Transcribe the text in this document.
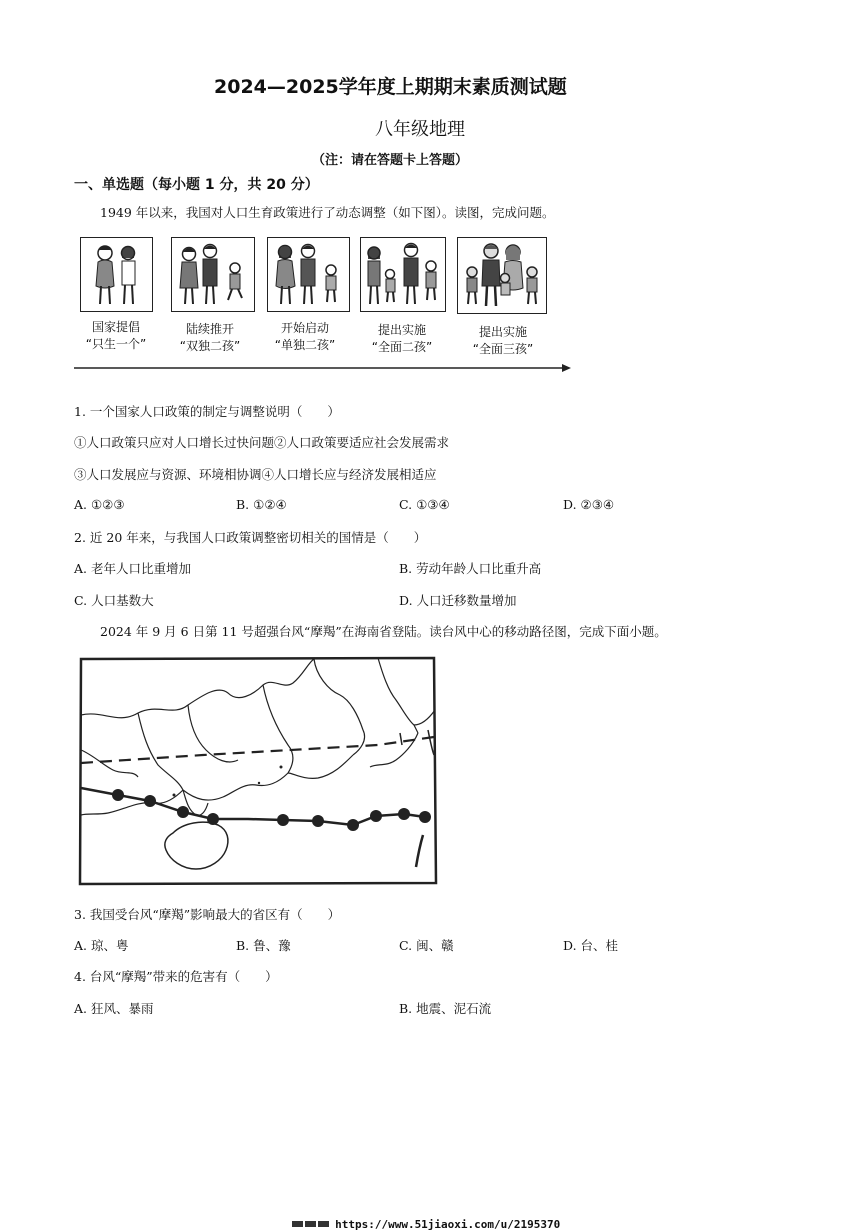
2024—2025学年度上期期末素质测试题
八年级地理
（注：请在答题卡上答题）
一、单选题（每小题 1 分，共 20 分）
1949 年以来，我国对人口生育政策进行了动态调整（如下图）。读图，完成问题。
国家提倡
“只生一个”
陆续推开
“双独二孩”
开始启动
“单独二孩”
提出实施
“全面二孩”
提出实施
“全面三孩”
1. 一个国家人口政策的制定与调整说明（　　）
①人口政策只应对人口增长过快问题②人口政策要适应社会发展需求
③人口发展应与资源、环境相协调④人口增长应与经济发展相适应
A. ①②③	B. ①②④	C. ①③④	D. ②③④
2. 近 20 年来，与我国人口政策调整密切相关的国情是（　　）
A. 老年人口比重增加	B. 劳动年龄人口比重升高
C. 人口基数大	D. 人口迁移数量增加
2024 年 9 月 6 日第 11 号超强台风“摩羯”在海南省登陆。读台风中心的移动路径图，完成下面小题。
3. 我国受台风“摩羯”影响最大的省区有（　　）
A. 琼、粤	B. 鲁、豫	C. 闽、赣	D. 台、桂
4. 台风“摩羯”带来的危害有（　　）
A. 狂风、暴雨	B. 地震、泥石流
https://www.51jiaoxi.com/u/2195370
